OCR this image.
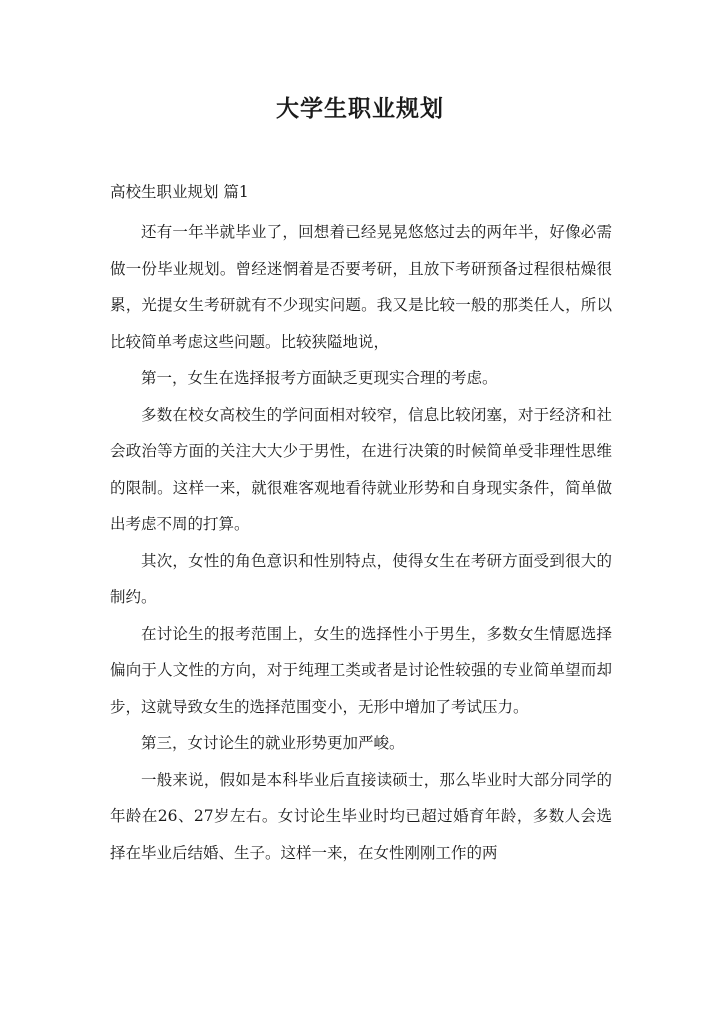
大学生职业规划
高校生职业规划 篇1

还有一年半就毕业了，回想着已经晃晃悠悠过去的两年半，好像必需做一份毕业规划。曾经迷惘着是否要考研，且放下考研预备过程很枯燥很累，光提女生考研就有不少现实问题。我又是比较一般的那类任人，所以比较简单考虑这些问题。比较狭隘地说，

第一，女生在选择报考方面缺乏更现实合理的考虑。

多数在校女高校生的学问面相对较窄，信息比较闭塞，对于经济和社会政治等方面的关注大大少于男性，在进行决策的时候简单受非理性思维的限制。这样一来，就很难客观地看待就业形势和自身现实条件，简单做出考虑不周的打算。

其次，女性的角色意识和性别特点，使得女生在考研方面受到很大的制约。

在讨论生的报考范围上，女生的选择性小于男生，多数女生情愿选择偏向于人文性的方向，对于纯理工类或者是讨论性较强的专业简单望而却步，这就导致女生的选择范围变小，无形中增加了考试压力。

第三，女讨论生的就业形势更加严峻。

一般来说，假如是本科毕业后直接读硕士，那么毕业时大部分同学的年龄在26、27岁左右。女讨论生毕业时均已超过婚育年龄，多数人会选择在毕业后结婚、生子。这样一来，在女性刚刚工作的两
